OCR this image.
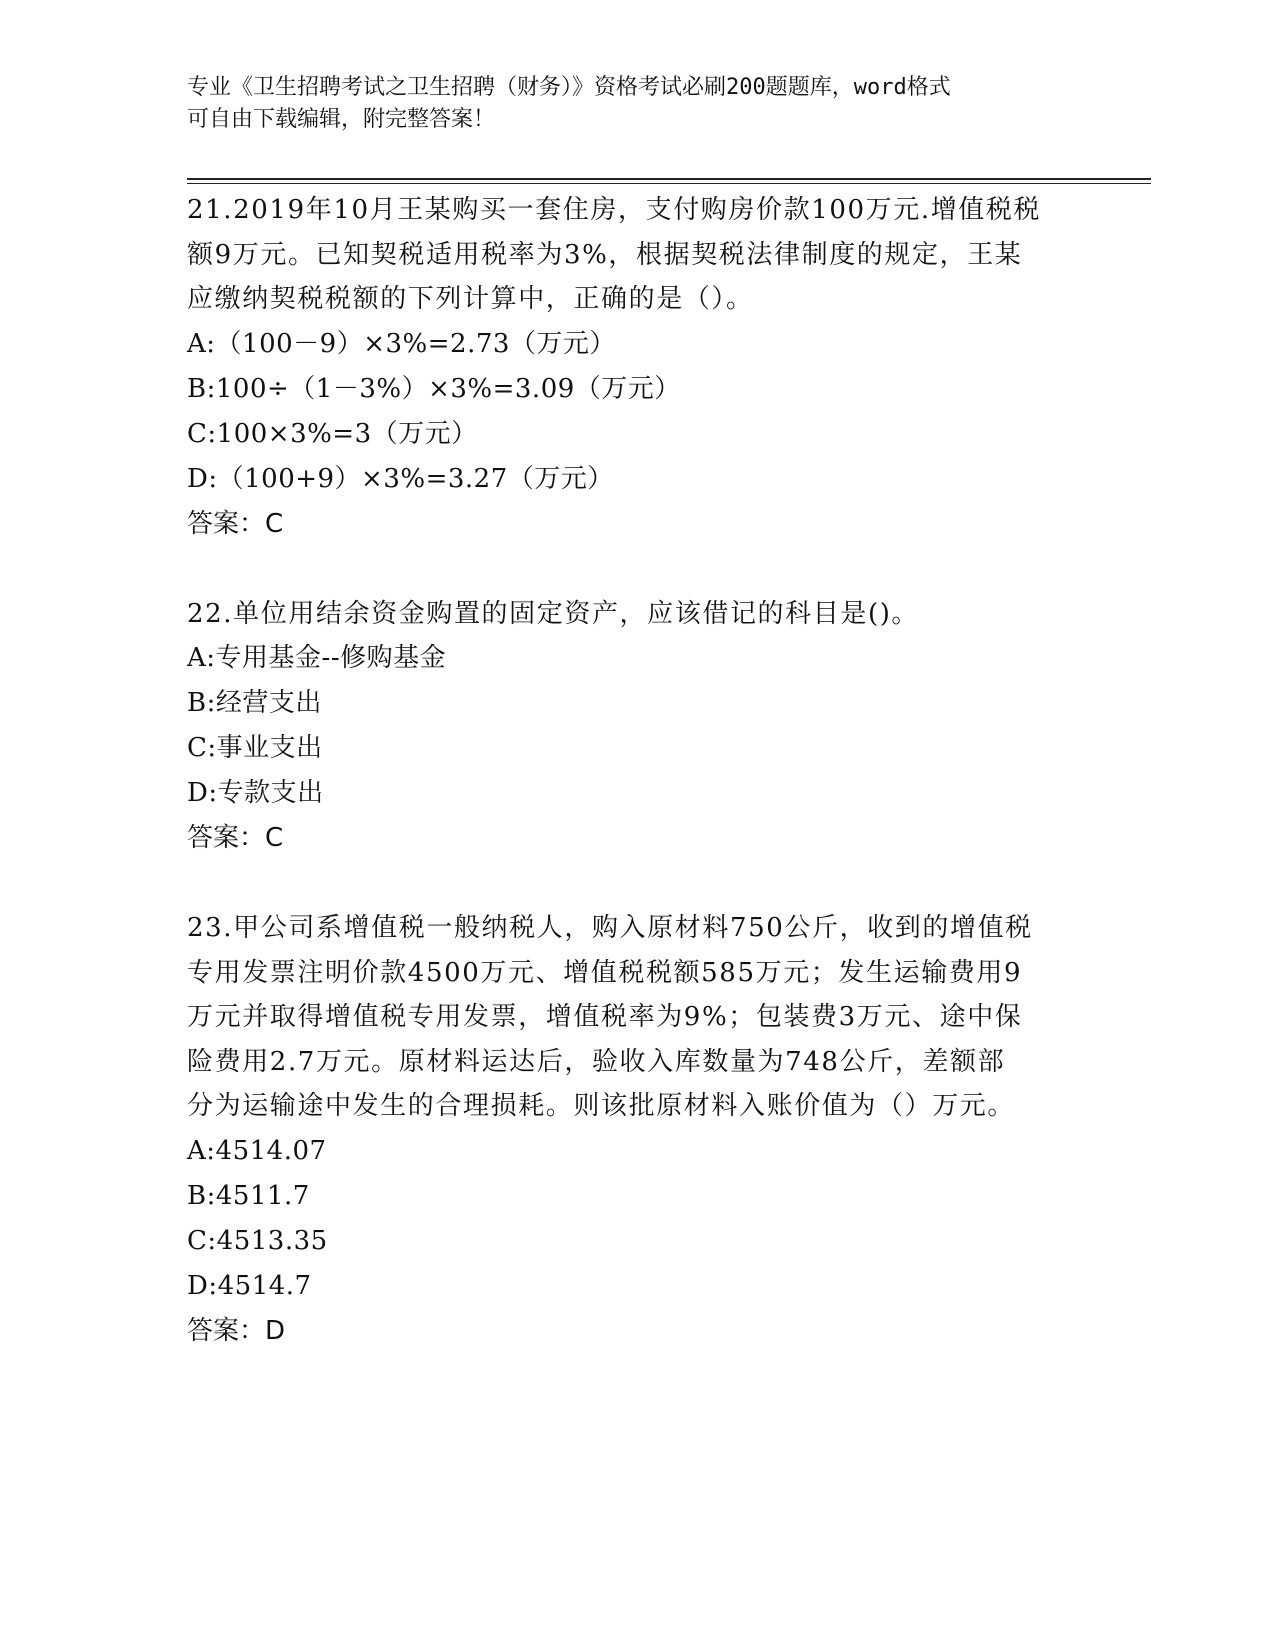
专业《卫生招聘考试之卫生招聘（财务）》资格考试必刷200题题库，word格式
可自由下载编辑，附完整答案！
21.2019年10月王某购买一套住房，支付购房价款100万元.增值税税
额9万元。已知契税适用税率为3%，根据契税法律制度的规定，王某
应缴纳契税税额的下列计算中，正确的是（）。
A:（100－9）×3%=2.73（万元）
B:100÷（1－3%）×3%=3.09（万元）
C:100×3%=3（万元）
D:（100+9）×3%=3.27（万元）
答案：C
22.单位用结余资金购置的固定资产，应该借记的科目是()。
A:专用基金--修购基金
B:经营支出
C:事业支出
D:专款支出
答案：C
23.甲公司系增值税一般纳税人，购入原材料750公斤，收到的增值税
专用发票注明价款4500万元、增值税税额585万元；发生运输费用9
万元并取得增值税专用发票，增值税率为9%；包装费3万元、途中保
险费用2.7万元。原材料运达后，验收入库数量为748公斤，差额部
分为运输途中发生的合理损耗。则该批原材料入账价值为（）万元。
A:4514.07
B:4511.7
C:4513.35
D:4514.7
答案：D
